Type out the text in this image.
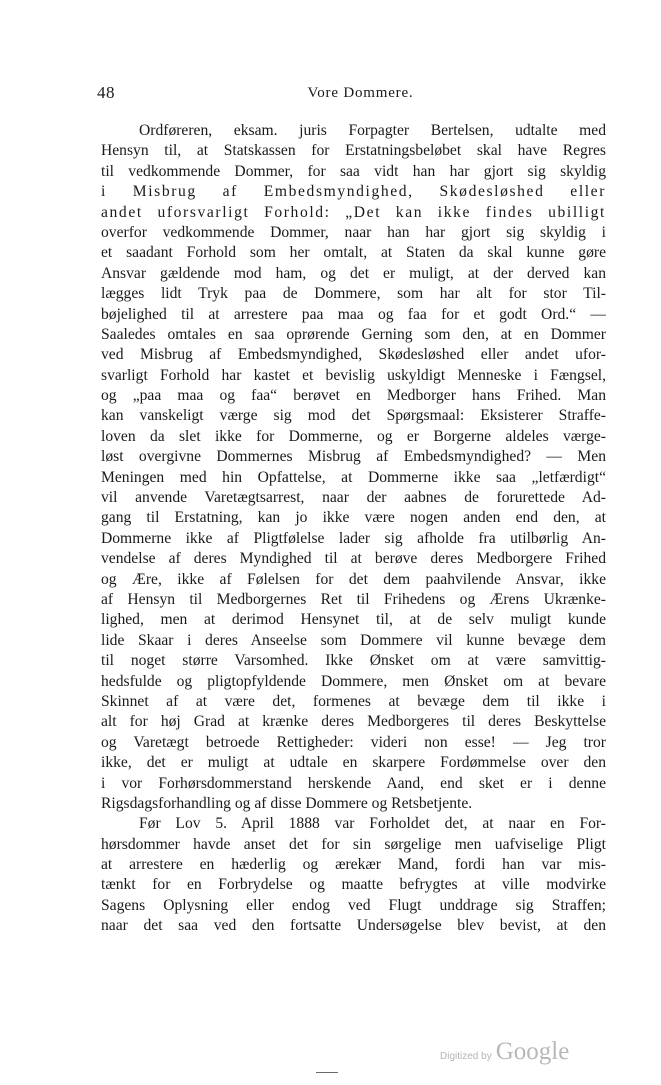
48	Vore Dommere.
Ordføreren, eksam. juris Forpagter Bertelsen, udtalte med
Hensyn til, at Statskassen for Erstatningsbeløbet skal have Regres
til vedkommende Dommer, for saa vidt han har gjort sig skyldig
i Misbrug af Embedsmyndighed, Skødesløshed eller
andet uforsvarligt Forhold: „Det kan ikke findes ubilligt
overfor vedkommende Dommer, naar han har gjort sig skyldig i
et saadant Forhold som her omtalt, at Staten da skal kunne gøre
Ansvar gældende mod ham, og det er muligt, at der derved kan
lægges lidt Tryk paa de Dommere, som har alt for stor Til-
bøjelighed til at arrestere paa maa og faa for et godt Ord.“ —
Saaledes omtales en saa oprørende Gerning som den, at en Dommer
ved Misbrug af Embedsmyndighed, Skødesløshed eller andet ufor-
svarligt Forhold har kastet et bevislig uskyldigt Menneske i Fængsel,
og „paa maa og faa“ berøvet en Medborger hans Frihed. Man
kan vanskeligt værge sig mod det Spørgsmaal: Eksisterer Straffe-
loven da slet ikke for Dommerne, og er Borgerne aldeles værge-
løst overgivne Dommernes Misbrug af Embedsmyndighed? — Men
Meningen med hin Opfattelse, at Dommerne ikke saa „letfærdigt“
vil anvende Varetægtsarrest, naar der aabnes de forurettede Ad-
gang til Erstatning, kan jo ikke være nogen anden end den, at
Dommerne ikke af Pligtfølelse lader sig afholde fra utilbørlig An-
vendelse af deres Myndighed til at berøve deres Medborgere Frihed
og Ære, ikke af Følelsen for det dem paahvilende Ansvar, ikke
af Hensyn til Medborgernes Ret til Frihedens og Ærens Ukrænke-
lighed, men at derimod Hensynet til, at de selv muligt kunde
lide Skaar i deres Anseelse som Dommere vil kunne bevæge dem
til noget større Varsomhed. Ikke Ønsket om at være samvittig-
hedsfulde og pligtopfyldende Dommere, men Ønsket om at bevare
Skinnet af at være det, formenes at bevæge dem til ikke i
alt for høj Grad at krænke deres Medborgeres til deres Beskyttelse
og Varetægt betroede Rettigheder: videri non esse! — Jeg tror
ikke, det er muligt at udtale en skarpere Fordømmelse over den
i vor Forhørsdommerstand herskende Aand, end sket er i denne
Rigsdagsforhandling og af disse Dommere og Retsbetjente.
Før Lov 5. April 1888 var Forholdet det, at naar en For-
hørsdommer havde anset det for sin sørgelige men uafviselige Pligt
at arrestere en hæderlig og ærekær Mand, fordi han var mis-
tænkt for en Forbrydelse og maatte befrygtes at ville modvirke
Sagens Oplysning eller endog ved Flugt unddrage sig Straffen;
naar det saa ved den fortsatte Undersøgelse blev bevist, at den
Digitized by Google
